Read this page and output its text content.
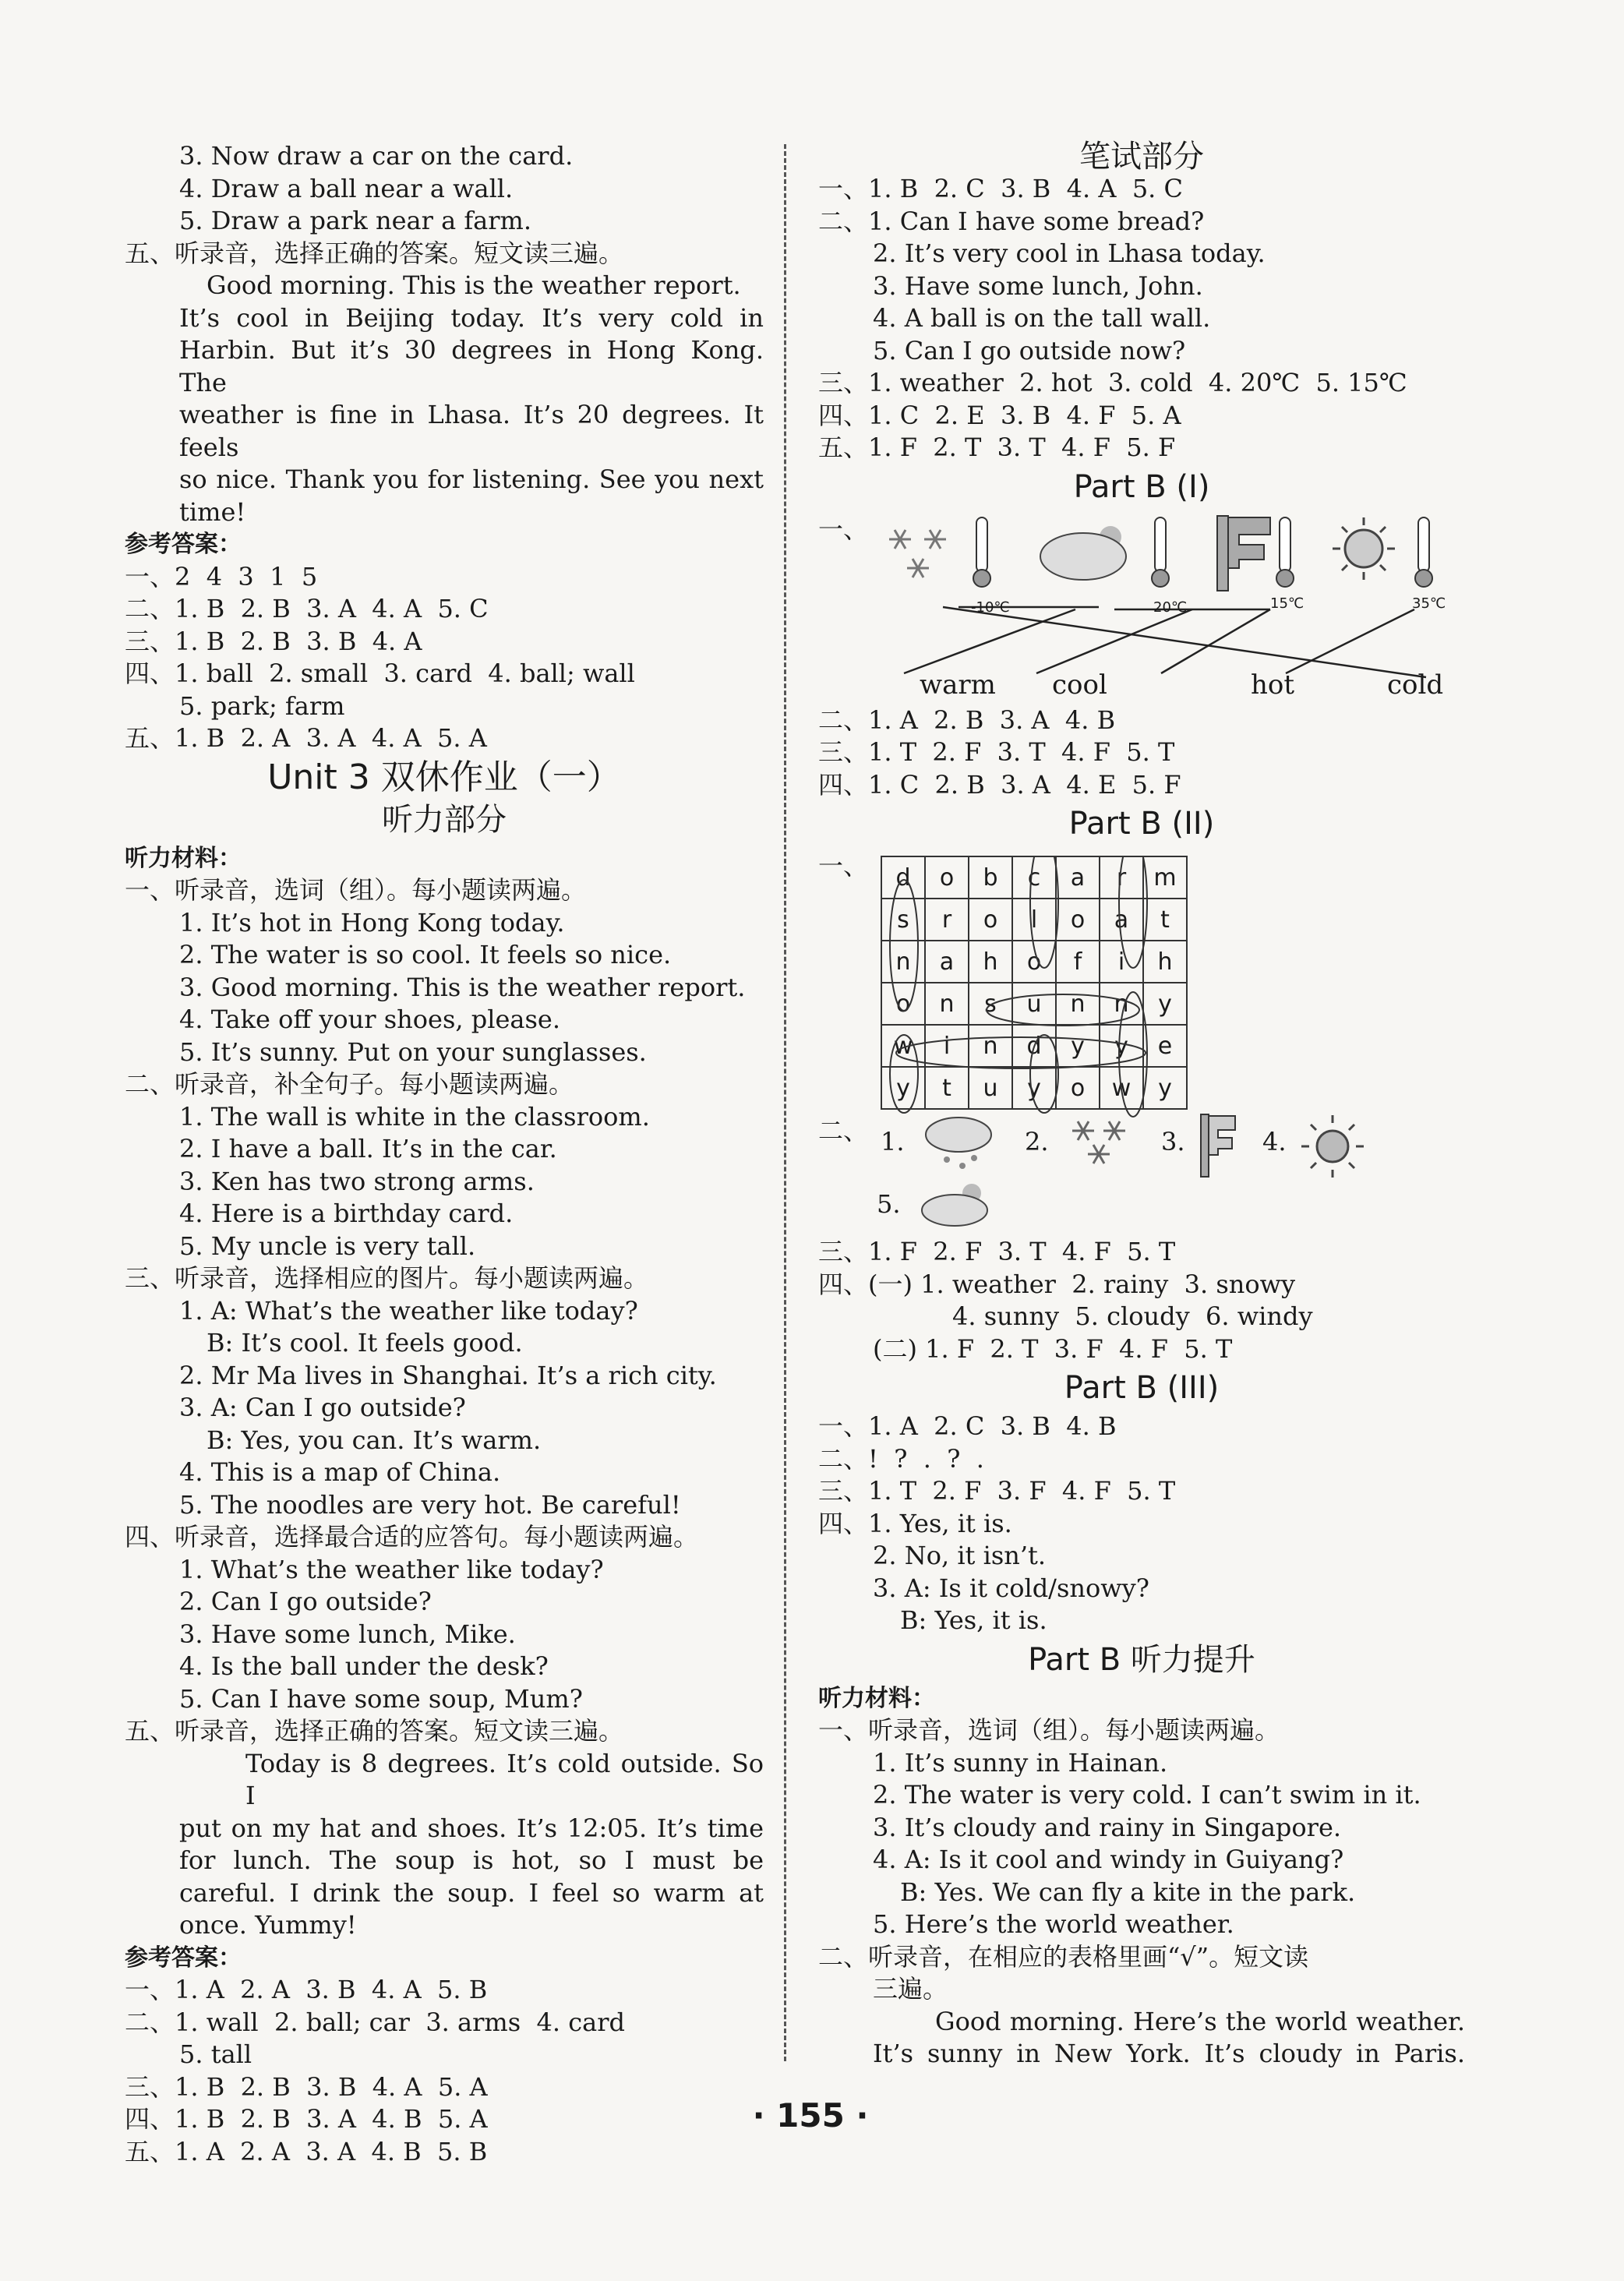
3. Now draw a car on the card.
4. Draw a ball near a wall.
5. Draw a park near a farm.
五、听录音，选择正确的答案。短文读三遍。
Good morning. This is the weather report.
It’s cool in Beijing today. It’s very cold in
Harbin. But it’s 30 degrees in Hong Kong. The
weather is fine in Lhasa. It’s 20 degrees. It feels
so nice. Thank you for listening. See you next
time!
参考答案：
一、2  4  3  1  5
二、1. B  2. B  3. A  4. A  5. C
三、1. B  2. B  3. B  4. A
四、1. ball  2. small  3. card  4. ball; wall
5. park; farm
五、1. B  2. A  3. A  4. A  5. A
Unit 3 双休作业（一）
听力部分
听力材料：
一、听录音，选词（组）。每小题读两遍。
1. It’s hot in Hong Kong today.
2. The water is so cool. It feels so nice.
3. Good morning. This is the weather report.
4. Take off your shoes, please.
5. It’s sunny. Put on your sunglasses.
二、听录音，补全句子。每小题读两遍。
1. The wall is white in the classroom.
2. I have a ball. It’s in the car.
3. Ken has two strong arms.
4. Here is a birthday card.
5. My uncle is very tall.
三、听录音，选择相应的图片。每小题读两遍。
1. A: What’s the weather like today?
B: It’s cool. It feels good.
2. Mr Ma lives in Shanghai. It’s a rich city.
3. A: Can I go outside?
B: Yes, you can. It’s warm.
4. This is a map of China.
5. The noodles are very hot. Be careful!
四、听录音，选择最合适的应答句。每小题读两遍。
1. What’s the weather like today?
2. Can I go outside?
3. Have some lunch, Mike.
4. Is the ball under the desk?
5. Can I have some soup, Mum?
五、听录音，选择正确的答案。短文读三遍。
Today is 8 degrees. It’s cold outside. So I
put on my hat and shoes. It’s 12:05. It’s time
for lunch. The soup is hot, so I must be
careful. I drink the soup. I feel so warm at
once. Yummy!
参考答案：
一、1. A  2. A  3. B  4. A  5. B
二、1. wall  2. ball; car  3. arms  4. card
5. tall
三、1. B  2. B  3. B  4. A  5. A
四、1. B  2. B  3. A  4. B  5. A
五、1. A  2. A  3. A  4. B  5. B
笔试部分
一、1. B  2. C  3. B  4. A  5. C
二、1. Can I have some bread?
2. It’s very cool in Lhasa today.
3. Have some lunch, John.
4. A ball is on the tall wall.
5. Can I go outside now?
三、1. weather  2. hot  3. cold  4. 20℃  5. 15℃
四、1. C  2. E  3. B  4. F  5. A
五、1. F  2. T  3. T  4. F  5. F
Part B (I)
一、
-10℃	20℃	15℃	35℃
warm cool	hot	cold
二、1. A  2. B  3. A  4. B
三、1. T  2. F  3. T  4. F  5. T
四、1. C  2. B  3. A  4. E  5. F
Part B (II)
一、 d	o	b	c	a	r	m
s	r	o	l	o	a	t
n	a	h	o	f	i	h
o	n	s	u	n	n	y
w	i	n	d	y	y	e
y	t	u	y	o	w	y
二、 1.	2.	3.	4.
5.
三、1. F  2. F  3. T  4. F  5. T
四、(一) 1. weather  2. rainy  3. snowy
4. sunny  5. cloudy  6. windy
(二) 1. F  2. T  3. F  4. F  5. T
Part B (III)
一、1. A  2. C  3. B  4. B
二、!  ?  .  ?  .
三、1. T  2. F  3. F  4. F  5. T
四、1. Yes, it is.
2. No, it isn’t.
3. A: Is it cold/snowy?
B: Yes, it is.
Part B 听力提升
听力材料：
一、听录音，选词（组）。每小题读两遍。
1. It’s sunny in Hainan.
2. The water is very cold. I can’t swim in it.
3. It’s cloudy and rainy in Singapore.
4. A: Is it cool and windy in Guiyang?
B: Yes. We can fly a kite in the park.
5. Here’s the world weather.
二、听录音，在相应的表格里画“√”。短文读
三遍。
Good morning. Here’s the world weather.
It’s sunny in New York. It’s cloudy in Paris.
· 155 ·
